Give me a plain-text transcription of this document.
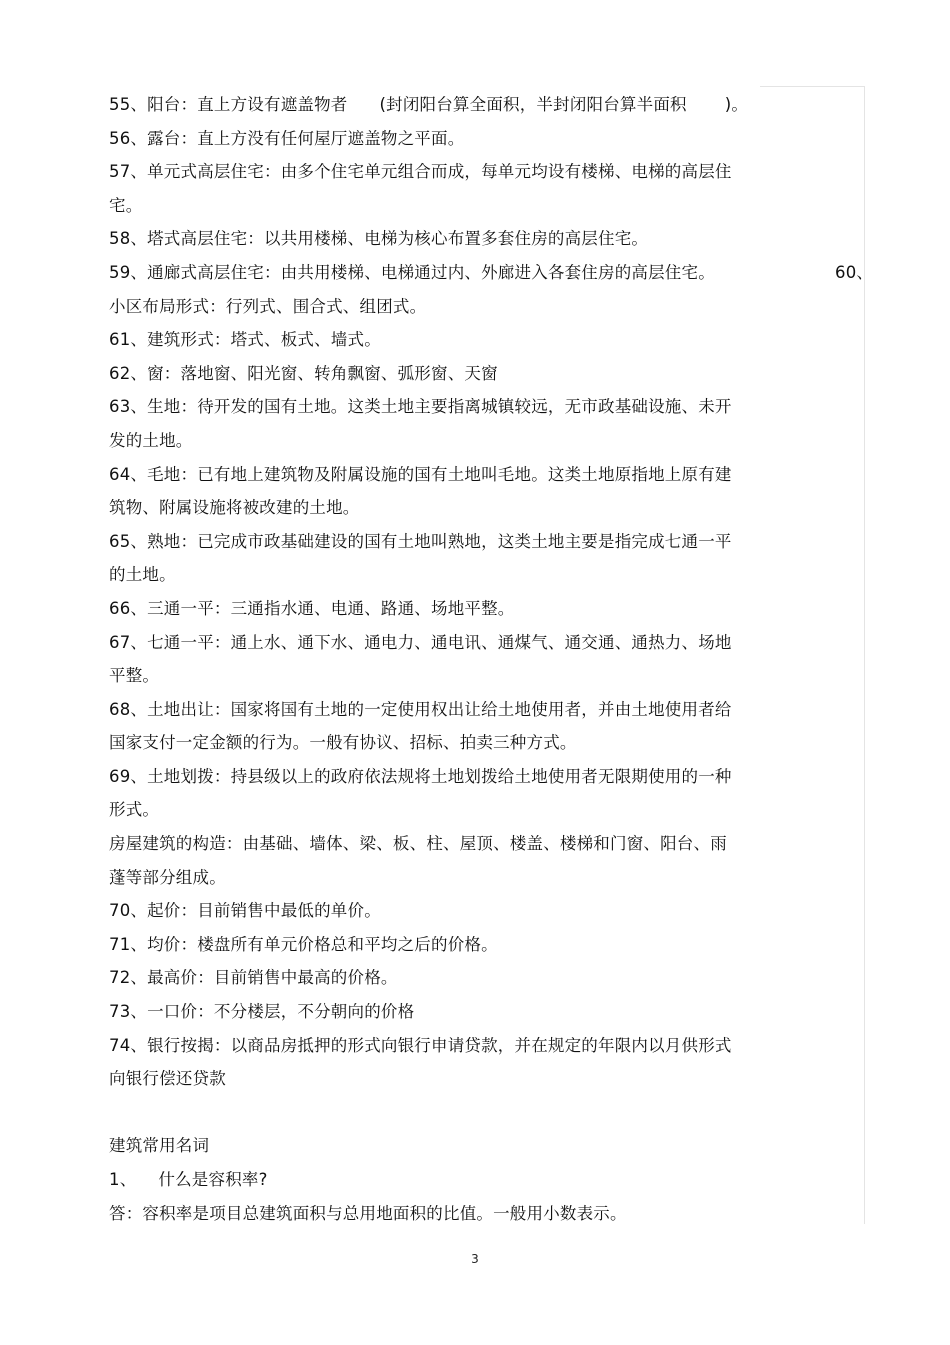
55、阳台：直上方设有遮盖物者 (封闭阳台算全面积，半封闭阳台算半面积 )。
56、露台：直上方没有任何屋厅遮盖物之平面。
57、单元式高层住宅：由多个住宅单元组合而成，每单元均设有楼梯、电梯的高层住
宅。
58、塔式高层住宅：以共用楼梯、电梯为核心布置多套住房的高层住宅。
59、通廊式高层住宅：由共用楼梯、电梯通过内、外廊进入各套住房的高层住宅。	60、
小区布局形式：行列式、围合式、组团式。
61、建筑形式：塔式、板式、墙式。
62、窗：落地窗、阳光窗、转角飘窗、弧形窗、天窗
63、生地：待开发的国有土地。这类土地主要指离城镇较远，无市政基础设施、未开
发的土地。
64、毛地：已有地上建筑物及附属设施的国有土地叫毛地。这类土地原指地上原有建
筑物、附属设施将被改建的土地。
65、熟地：已完成市政基础建设的国有土地叫熟地，这类土地主要是指完成七通一平
的土地。
66、三通一平：三通指水通、电通、路通、场地平整。
67、七通一平：通上水、通下水、通电力、通电讯、通煤气、通交通、通热力、场地
平整。
68、土地出让：国家将国有土地的一定使用权出让给土地使用者，并由土地使用者给
国家支付一定金额的行为。一般有协议、招标、拍卖三种方式。
69、土地划拨：持县级以上的政府依法规将土地划拨给土地使用者无限期使用的一种
形式。
房屋建筑的构造：由基础、墙体、梁、板、柱、屋顶、楼盖、楼梯和门窗、阳台、雨
蓬等部分组成。
70、起价：目前销售中最低的单价。
71、均价：楼盘所有单元价格总和平均之后的价格。
72、最高价：目前销售中最高的价格。
73、一口价：不分楼层，不分朝向的价格
74、银行按揭：以商品房抵押的形式向银行申请贷款，并在规定的年限内以月供形式
向银行偿还贷款
建筑常用名词
1、 什么是容积率?
答：容积率是项目总建筑面积与总用地面积的比值。一般用小数表示。
3
